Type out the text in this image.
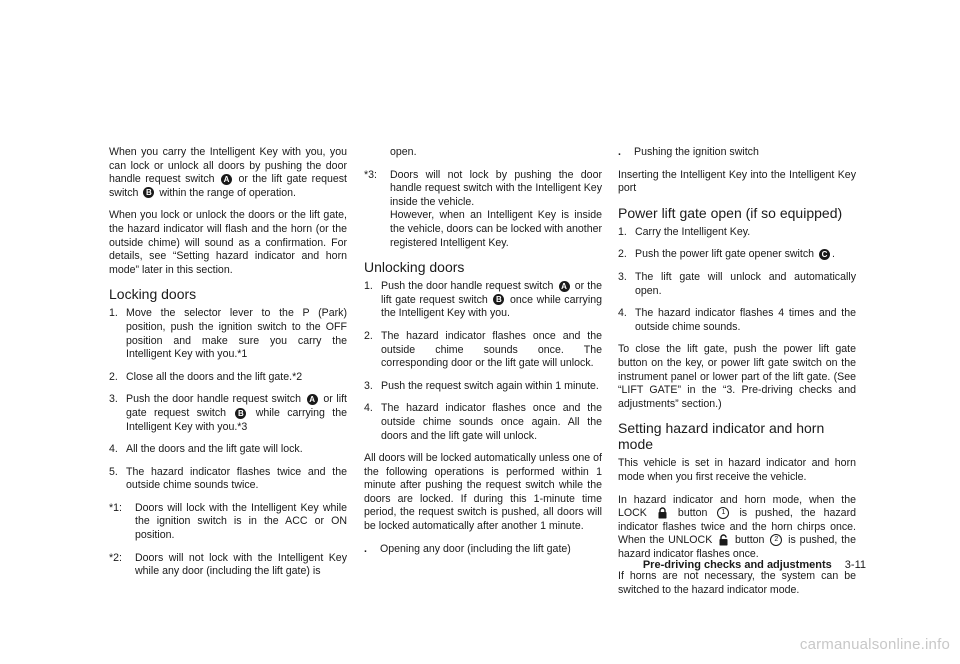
When you carry the Intelligent Key with you, you can lock or unlock all doors by pushing the door handle request switch A or the lift gate request switch B within the range of operation.

When you lock or unlock the doors or the lift gate, the hazard indicator will flash and the horn (or the outside chime) will sound as a confirmation. For details, see “Setting hazard indicator and horn mode” later in this section.

Locking doors
1. Move the selector lever to the P (Park) position, push the ignition switch to the OFF position and make sure you carry the Intelligent Key with you.*1
2. Close all the doors and the lift gate.*2
3. Push the door handle request switch A or lift gate request switch B while carrying the Intelligent Key with you.*3
4. All the doors and the lift gate will lock.
5. The hazard indicator flashes twice and the outside chime sounds twice.
*1:	Doors will lock with the Intelligent Key while the ignition switch is in the ACC or ON position.
*2:	Doors will not lock with the Intelligent Key while any door (including the lift gate) is

open.

*3:	Doors will not lock by pushing the door handle request switch with the Intelligent Key inside the vehicle.
However, when an Intelligent Key is inside the vehicle, doors can be locked with another registered Intelligent Key.
Unlocking doors
1. Push the door handle request switch A or the lift gate request switch B once while carrying the Intelligent Key with you.
2. The hazard indicator flashes once and the outside chime sounds once. The corresponding door or the lift gate will unlock.
3. Push the request switch again within 1 minute.
4. The hazard indicator flashes once and the outside chime sounds once again. All the doors and the lift gate will unlock.

All doors will be locked automatically unless one of the following operations is performed within 1 minute after pushing the request switch while the doors are locked. If during this 1-minute time period, the request switch is pushed, all doors will be locked automatically after another 1 minute.

.	Opening any door (including the lift gate)
.	Pushing the ignition switch

Inserting the Intelligent Key into the Intelligent Key port

Power lift gate open (if so equipped)
1. Carry the Intelligent Key.
2. Push the power lift gate opener switch C .
3. The lift gate will unlock and automatically open.
4. The hazard indicator flashes 4 times and the outside chime sounds.

To close the lift gate, push the power lift gate button on the key, or power lift gate switch on the instrument panel or lower part of the lift gate. (See “LIFT GATE” in the “3. Pre-driving checks and adjustments” section.)

Setting hazard indicator and horn mode

This vehicle is set in hazard indicator and horn mode when you first receive the vehicle.

In hazard indicator and horn mode, when the LOCK	button 1 is pushed, the hazard indicator flashes twice and the horn chirps once. When the UNLOCK button 2 is pushed, the hazard indicator flashes once.

If horns are not necessary, the system can be switched to the hazard indicator mode.

Pre-driving checks and adjustments 3-11
carmanualsonline.info
